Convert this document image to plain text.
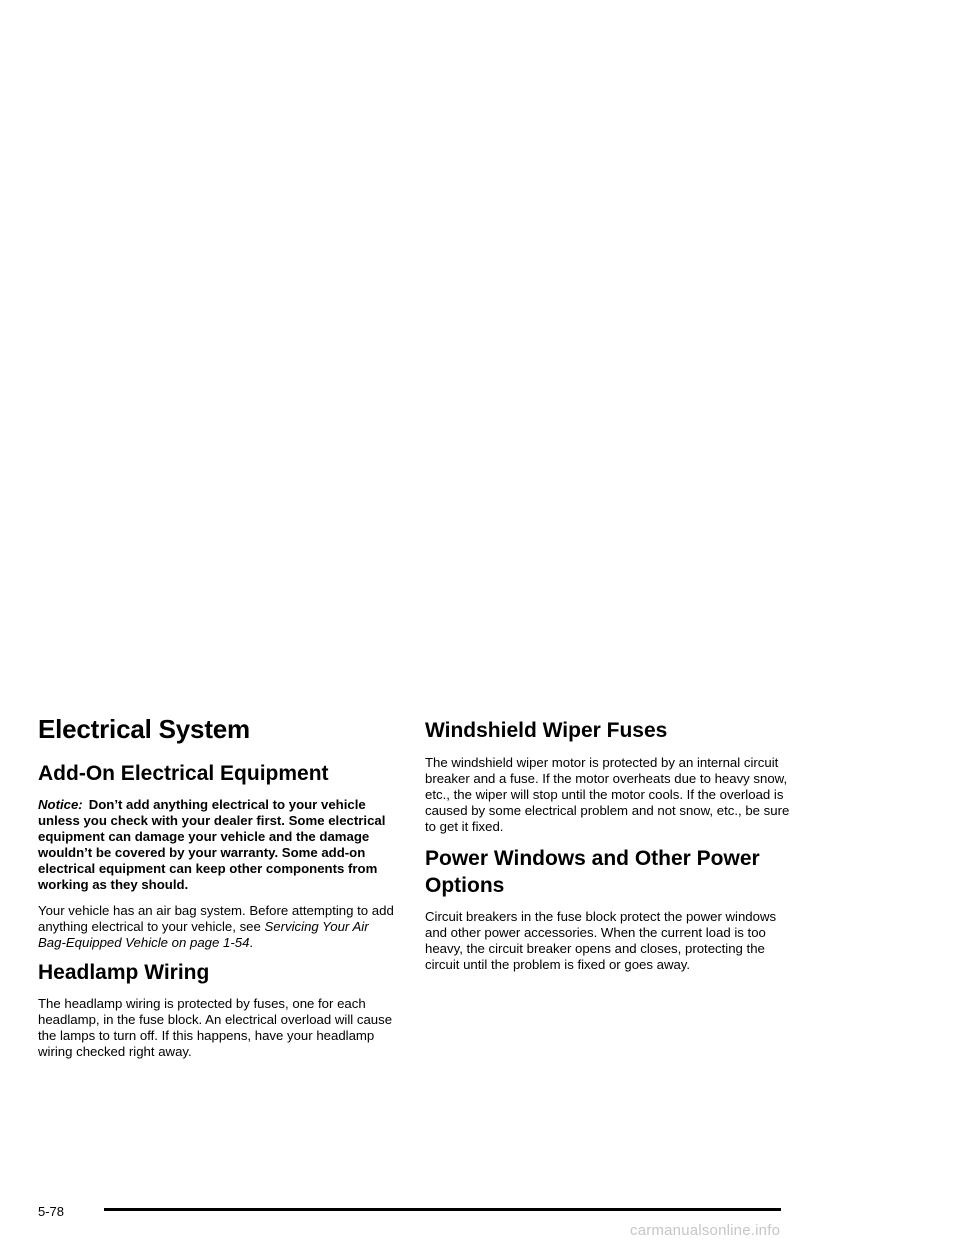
Electrical System
Add-On Electrical Equipment

Notice: Don’t add anything electrical to your vehicle unless you check with your dealer first. Some electrical equipment can damage your vehicle and the damage wouldn’t be covered by your warranty. Some add-on electrical equipment can keep other components from working as they should.

Your vehicle has an air bag system. Before attempting to add anything electrical to your vehicle, see Servicing Your Air Bag-Equipped Vehicle on page 1-54.

Headlamp Wiring

The headlamp wiring is protected by fuses, one for each headlamp, in the fuse block. An electrical overload will cause the lamps to turn off. If this happens, have your headlamp wiring checked right away.

Windshield Wiper Fuses

The windshield wiper motor is protected by an internal circuit breaker and a fuse. If the motor overheats due to heavy snow, etc., the wiper will stop until the motor cools. If the overload is caused by some electrical problem and not snow, etc., be sure to get it fixed.

Power Windows and Other Power Options

Circuit breakers in the fuse block protect the power windows and other power accessories. When the current load is too heavy, the circuit breaker opens and closes, protecting the circuit until the problem is fixed or goes away.

5-78
carmanualsonline.info
